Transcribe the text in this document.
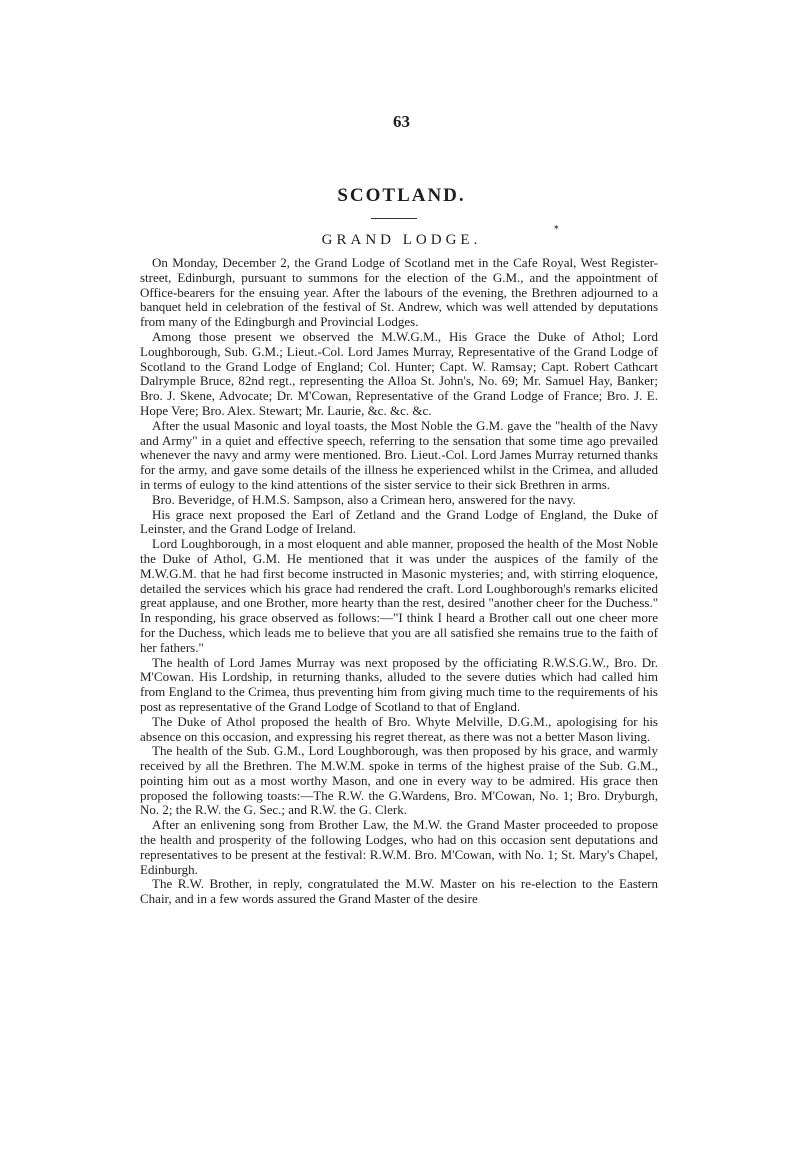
63
SCOTLAND.
✶
GRAND LODGE.

On Monday, December 2, the Grand Lodge of Scotland met in the Cafe Royal, West Register-street, Edinburgh, pursuant to summons for the election of the G.M., and the appointment of Office-bearers for the ensuing year. After the labours of the evening, the Brethren adjourned to a banquet held in celebration of the festival of St. Andrew, which was well attended by deputations from many of the Edingburgh and Provincial Lodges.

Among those present we observed the M.W.G.M., His Grace the Duke of Athol; Lord Loughborough, Sub. G.M.; Lieut.-Col. Lord James Murray, Representative of the Grand Lodge of Scotland to the Grand Lodge of England; Col. Hunter; Capt. W. Ramsay; Capt. Robert Cathcart Dalrymple Bruce, 82nd regt., representing the Alloa St. John's, No. 69; Mr. Samuel Hay, Banker; Bro. J. Skene, Advocate; Dr. M'Cowan, Representative of the Grand Lodge of France; Bro. J. E. Hope Vere; Bro. Alex. Stewart; Mr. Laurie, &c. &c. &c.

After the usual Masonic and loyal toasts, the Most Noble the G.M. gave the "health of the Navy and Army" in a quiet and effective speech, referring to the sensation that some time ago prevailed whenever the navy and army were mentioned. Bro. Lieut.-Col. Lord James Murray returned thanks for the army, and gave some details of the illness he experienced whilst in the Crimea, and alluded in terms of eulogy to the kind attentions of the sister service to their sick Brethren in arms.

Bro. Beveridge, of H.M.S. Sampson, also a Crimean hero, answered for the navy.

His grace next proposed the Earl of Zetland and the Grand Lodge of England, the Duke of Leinster, and the Grand Lodge of Ireland.

Lord Loughborough, in a most eloquent and able manner, proposed the health of the Most Noble the Duke of Athol, G.M. He mentioned that it was under the auspices of the family of the M.W.G.M. that he had first become instructed in Masonic mysteries; and, with stirring eloquence, detailed the services which his grace had rendered the craft. Lord Loughborough's remarks elicited great applause, and one Brother, more hearty than the rest, desired "another cheer for the Duchess." In responding, his grace observed as follows:—"I think I heard a Brother call out one cheer more for the Duchess, which leads me to believe that you are all satisfied she remains true to the faith of her fathers."

The health of Lord James Murray was next proposed by the officiating R.W.S.G.W., Bro. Dr. M'Cowan. His Lordship, in returning thanks, alluded to the severe duties which had called him from England to the Crimea, thus preventing him from giving much time to the requirements of his post as representative of the Grand Lodge of Scotland to that of England.

The Duke of Athol proposed the health of Bro. Whyte Melville, D.G.M., apologising for his absence on this occasion, and expressing his regret thereat, as there was not a better Mason living.

The health of the Sub. G.M., Lord Loughborough, was then proposed by his grace, and warmly received by all the Brethren. The M.W.M. spoke in terms of the highest praise of the Sub. G.M., pointing him out as a most worthy Mason, and one in every way to be admired. His grace then proposed the following toasts:—The R.W. the G.Wardens, Bro. M'Cowan, No. 1; Bro. Dryburgh, No. 2; the R.W. the G. Sec.; and R.W. the G. Clerk.

After an enlivening song from Brother Law, the M.W. the Grand Master proceeded to propose the health and prosperity of the following Lodges, who had on this occasion sent deputations and representatives to be present at the festival: R.W.M. Bro. M'Cowan, with No. 1; St. Mary's Chapel, Edinburgh.

The R.W. Brother, in reply, congratulated the M.W. Master on his re-election to the Eastern Chair, and in a few words assured the Grand Master of the desire
